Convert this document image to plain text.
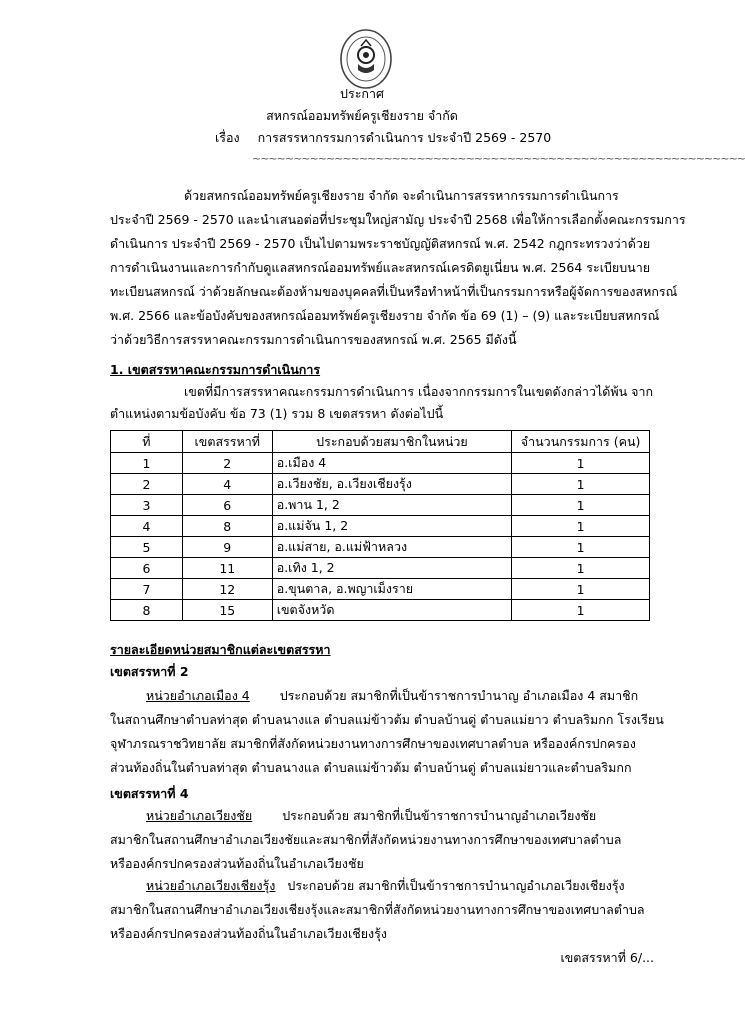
ประกาศ
สหกรณ์ออมทรัพย์ครูเชียงราย จำกัด
เรื่อง การสรรหากรรมการดำเนินการ ประจำปี 2569 - 2570
~~~~~~~~~~~~~~~~~~~~~~~~~~~~~~~~~~~~~~~~~~~~~~~~~~~~~~~~~~~~
ด้วยสหกรณ์ออมทรัพย์ครูเชียงราย จำกัด จะดำเนินการสรรหากรรมการดำเนินการ
ประจำปี 2569 - 2570 และนำเสนอต่อที่ประชุมใหญ่สามัญ ประจำปี 2568 เพื่อให้การเลือกตั้งคณะกรรมการ
ดำเนินการ ประจำปี 2569 - 2570 เป็นไปตามพระราชบัญญัติสหกรณ์ พ.ศ. 2542 กฎกระทรวงว่าด้วย
การดำเนินงานและการกำกับดูแลสหกรณ์ออมทรัพย์และสหกรณ์เครดิตยูเนี่ยน พ.ศ. 2564 ระเบียบนาย
ทะเบียนสหกรณ์ ว่าด้วยลักษณะต้องห้ามของบุคคลที่เป็นหรือทำหน้าที่เป็นกรรมการหรือผู้จัดการของสหกรณ์
พ.ศ. 2566 และข้อบังคับของสหกรณ์ออมทรัพย์ครูเชียงราย จำกัด ข้อ 69 (1) – (9) และระเบียบสหกรณ์
ว่าด้วยวิธีการสรรหาคณะกรรมการดำเนินการของสหกรณ์ พ.ศ. 2565 มีดังนี้
1. เขตสรรหาคณะกรรมการดำเนินการ
เขตที่มีการสรรหาคณะกรรมการดำเนินการ เนื่องจากกรรมการในเขตดังกล่าวได้พ้น จาก
ตำแหน่งตามข้อบังคับ ข้อ 73 (1) รวม 8 เขตสรรหา ดังต่อไปนี้
ที่	เขตสรรหาที่	ประกอบด้วยสมาชิกในหน่วย	จำนวนกรรมการ (คน)
1	2	อ.เมือง 4	1
2	4	อ.เวียงชัย, อ.เวียงเชียงรุ้ง	1
3	6	อ.พาน 1, 2	1
4	8	อ.แม่จัน 1, 2	1
5	9	อ.แม่สาย, อ.แม่ฟ้าหลวง	1
6	11	อ.เทิง 1, 2	1
7	12	อ.ขุนตาล, อ.พญาเม็งราย	1
8	15	เขตจังหวัด	1
รายละเอียดหน่วยสมาชิกแต่ละเขตสรรหา
เขตสรรหาที่ 2
หน่วยอำเภอเมือง 4 ประกอบด้วย สมาชิกที่เป็นข้าราชการบำนาญ อำเภอเมือง 4 สมาชิก
ในสถานศึกษาตำบลท่าสุด ตำบลนางแล ตำบลแม่ข้าวต้ม ตำบลบ้านดู่ ตำบลแม่ยาว ตำบลริมกก โรงเรียน
จุฬาภรณราชวิทยาลัย สมาชิกที่สังกัดหน่วยงานทางการศึกษาของเทศบาลตำบล หรือองค์กรปกครอง
ส่วนท้องถิ่นในตำบลท่าสุด ตำบลนางแล ตำบลแม่ข้าวต้ม ตำบลบ้านดู่ ตำบลแม่ยาวและตำบลริมกก
เขตสรรหาที่ 4
หน่วยอำเภอเวียงชัย ประกอบด้วย สมาชิกที่เป็นข้าราชการบำนาญอำเภอเวียงชัย
สมาชิกในสถานศึกษาอำเภอเวียงชัยและสมาชิกที่สังกัดหน่วยงานทางการศึกษาของเทศบาลตำบล
หรือองค์กรปกครองส่วนท้องถิ่นในอำเภอเวียงชัย
หน่วยอำเภอเวียงเชียงรุ้ง ประกอบด้วย สมาชิกที่เป็นข้าราชการบำนาญอำเภอเวียงเชียงรุ้ง
สมาชิกในสถานศึกษาอำเภอเวียงเชียงรุ้งและสมาชิกที่สังกัดหน่วยงานทางการศึกษาของเทศบาลตำบล
หรือองค์กรปกครองส่วนท้องถิ่นในอำเภอเวียงเชียงรุ้ง
เขตสรรหาที่ 6/...
